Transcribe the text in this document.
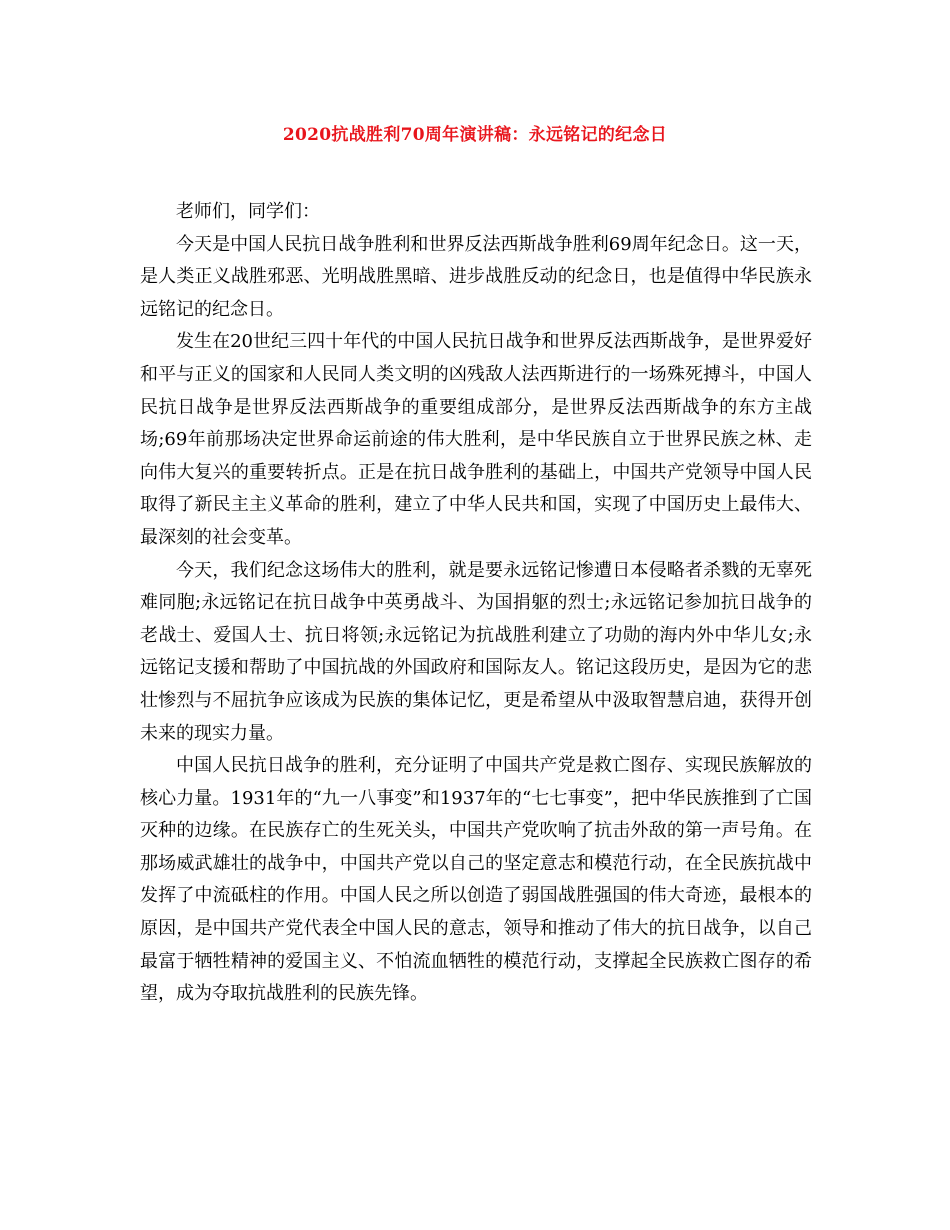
2020抗战胜利70周年演讲稿：永远铭记的纪念日

老师们，同学们：

今天是中国人民抗日战争胜利和世界反法西斯战争胜利69周年纪念日。这一天，是人类正义战胜邪恶、光明战胜黑暗、进步战胜反动的纪念日，也是值得中华民族永远铭记的纪念日。

发生在20世纪三四十年代的中国人民抗日战争和世界反法西斯战争，是世界爱好和平与正义的国家和人民同人类文明的凶残敌人法西斯进行的一场殊死搏斗，中国人民抗日战争是世界反法西斯战争的重要组成部分，是世界反法西斯战争的东方主战场;69年前那场决定世界命运前途的伟大胜利，是中华民族自立于世界民族之林、走向伟大复兴的重要转折点。正是在抗日战争胜利的基础上，中国共产党领导中国人民取得了新民主主义革命的胜利，建立了中华人民共和国，实现了中国历史上最伟大、最深刻的社会变革。

今天，我们纪念这场伟大的胜利，就是要永远铭记惨遭日本侵略者杀戮的无辜死难同胞;永远铭记在抗日战争中英勇战斗、为国捐躯的烈士;永远铭记参加抗日战争的老战士、爱国人士、抗日将领;永远铭记为抗战胜利建立了功勋的海内外中华儿女;永远铭记支援和帮助了中国抗战的外国政府和国际友人。铭记这段历史，是因为它的悲壮惨烈与不屈抗争应该成为民族的集体记忆，更是希望从中汲取智慧启迪，获得开创未来的现实力量。

中国人民抗日战争的胜利，充分证明了中国共产党是救亡图存、实现民族解放的核心力量。1931年的“九一八事变”和1937年的“七七事变”，把中华民族推到了亡国灭种的边缘。在民族存亡的生死关头，中国共产党吹响了抗击外敌的第一声号角。在那场威武雄壮的战争中，中国共产党以自己的坚定意志和模范行动，在全民族抗战中发挥了中流砥柱的作用。中国人民之所以创造了弱国战胜强国的伟大奇迹，最根本的原因，是中国共产党代表全中国人民的意志，领导和推动了伟大的抗日战争，以自己最富于牺牲精神的爱国主义、不怕流血牺牲的模范行动，支撑起全民族救亡图存的希望，成为夺取抗战胜利的民族先锋。
